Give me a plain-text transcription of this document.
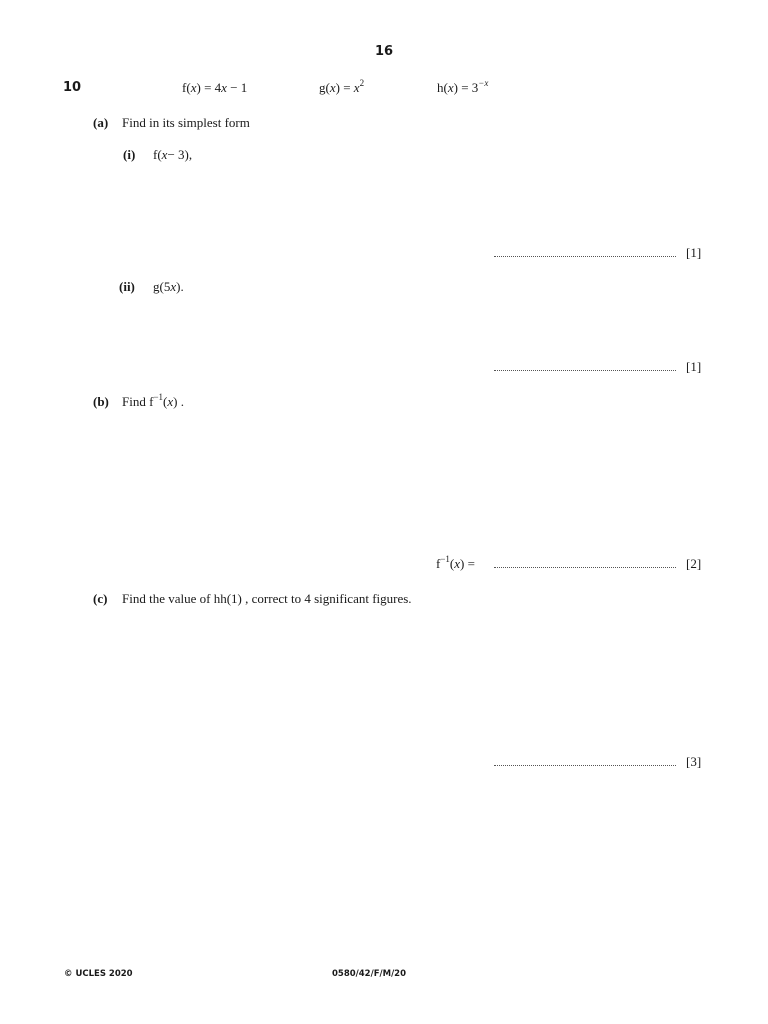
16
10	f(x) = 4x − 1	$g(x) = x^2$	$h(x) = 3^{-x}$
(a) Find in its simplest form
(i) f(x− 3),
[1]
(ii) g(5x).
[1]
(b) Find $f^{-1}(x)$ .
$f^{-1}(x)$ =	[2]
(c) Find the value of hh(1) , correct to 4 significant figures.
[3]
© UCLES 2020	0580/42/F/M/20
